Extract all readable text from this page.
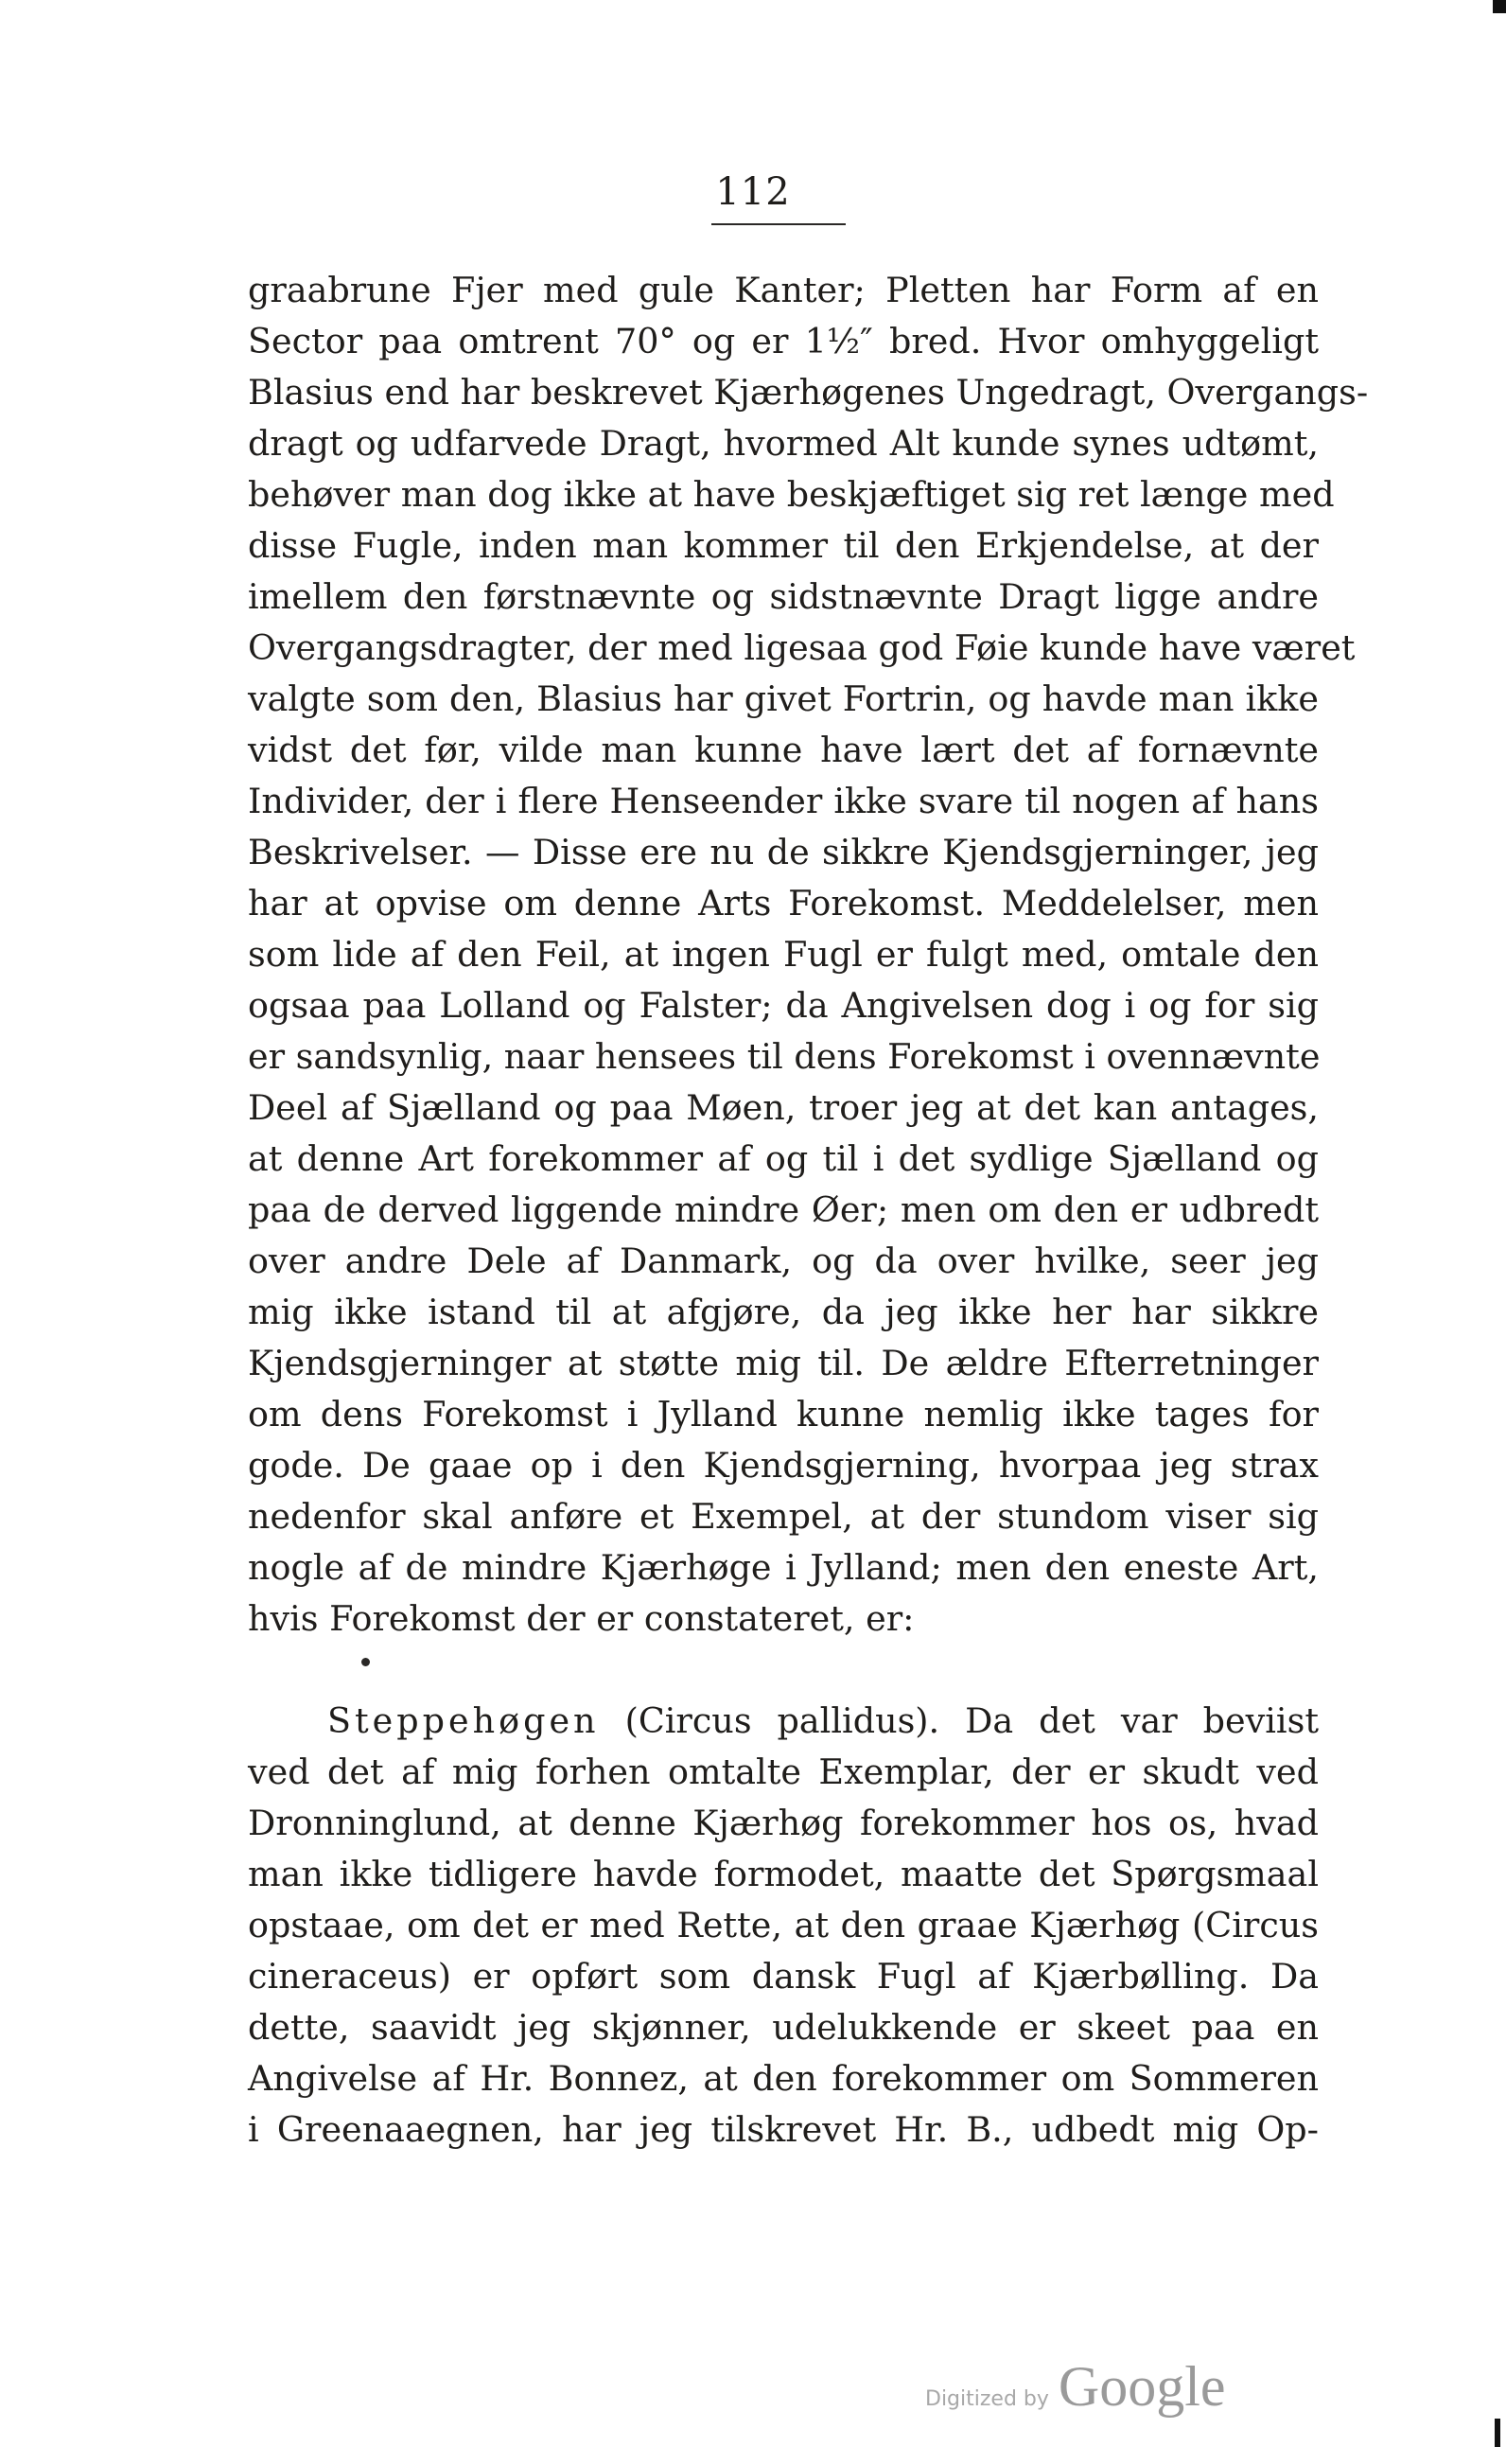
112
graabrune Fjer med gule Kanter; Pletten har Form af en
Sector paa omtrent 70° og er 1½″ bred. Hvor omhyggeligt
Blasius end har beskrevet Kjærhøgenes Ungedragt, Overgangs-
dragt og udfarvede Dragt, hvormed Alt kunde synes udtømt,
behøver man dog ikke at have beskjæftiget sig ret længe med
disse Fugle, inden man kommer til den Erkjendelse, at der
imellem den førstnævnte og sidstnævnte Dragt ligge andre
Overgangsdragter, der med ligesaa god Føie kunde have været
valgte som den, Blasius har givet Fortrin, og havde man ikke
vidst det før, vilde man kunne have lært det af fornævnte
Individer, der i flere Henseender ikke svare til nogen af hans
Beskrivelser. — Disse ere nu de sikkre Kjendsgjerninger, jeg
har at opvise om denne Arts Forekomst. Meddelelser, men
som lide af den Feil, at ingen Fugl er fulgt med, omtale den
ogsaa paa Lolland og Falster; da Angivelsen dog i og for sig
er sandsynlig, naar hensees til dens Forekomst i ovennævnte
Deel af Sjælland og paa Møen, troer jeg at det kan antages,
at denne Art forekommer af og til i det sydlige Sjælland og
paa de derved liggende mindre Øer; men om den er udbredt
over andre Dele af Danmark, og da over hvilke, seer jeg
mig ikke istand til at afgjøre, da jeg ikke her har sikkre
Kjendsgjerninger at støtte mig til. De ældre Efterretninger
om dens Forekomst i Jylland kunne nemlig ikke tages for
gode. De gaae op i den Kjendsgjerning, hvorpaa jeg strax
nedenfor skal anføre et Exempel, at der stundom viser sig
nogle af de mindre Kjærhøge i Jylland; men den eneste Art,
hvis Forekomst der er constateret, er:
Steppehøgen (Circus pallidus). Da det var beviist
ved det af mig forhen omtalte Exemplar, der er skudt ved
Dronninglund, at denne Kjærhøg forekommer hos os, hvad
man ikke tidligere havde formodet, maatte det Spørgsmaal
opstaae, om det er med Rette, at den graae Kjærhøg (Circus
cineraceus) er opført som dansk Fugl af Kjærbølling. Da
dette, saavidt jeg skjønner, udelukkende er skeet paa en
Angivelse af Hr. Bonnez, at den forekommer om Sommeren
i Greenaaegnen, har jeg tilskrevet Hr. B., udbedt mig Op-
Digitized by Google
